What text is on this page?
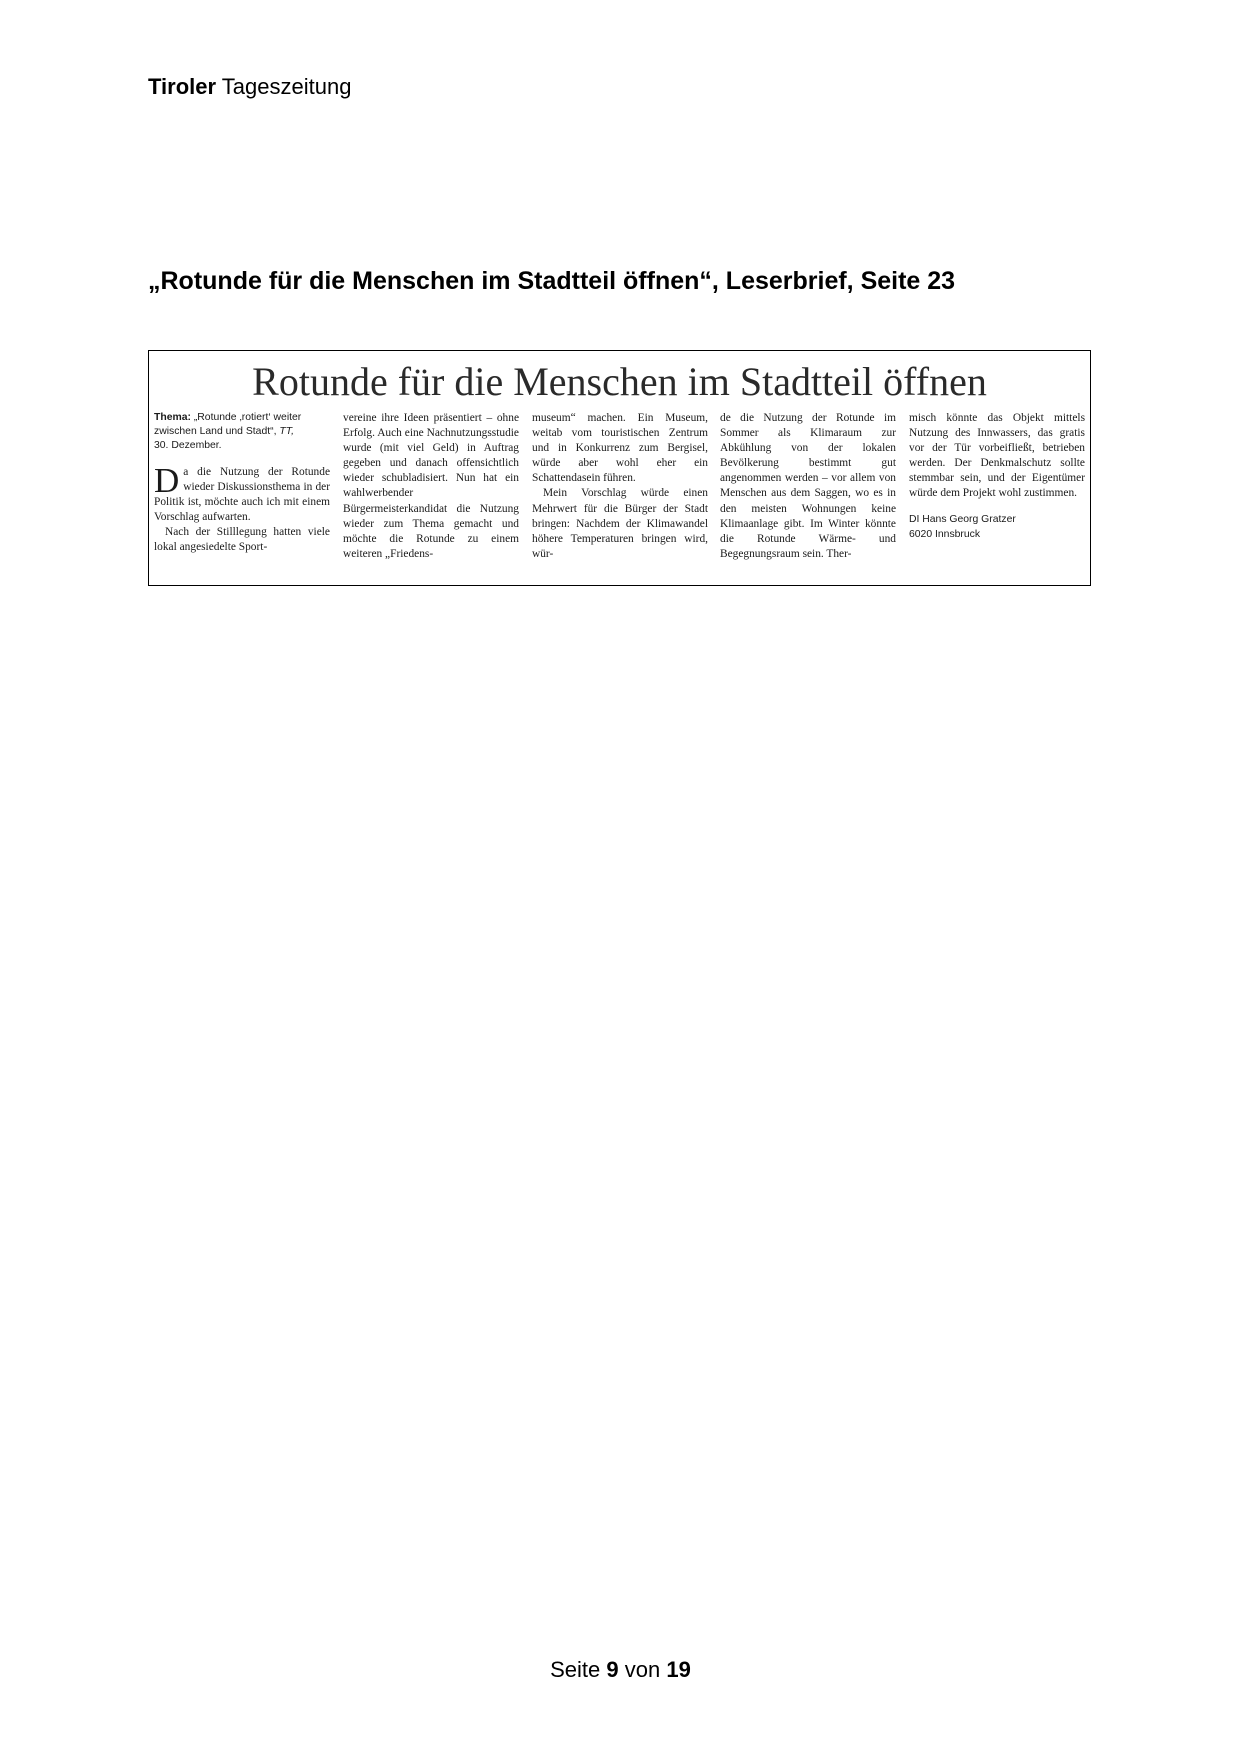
Tiroler Tageszeitung
„Rotunde für die Menschen im Stadtteil öffnen“, Leserbrief, Seite 23
Rotunde für die Menschen im Stadtteil öffnen

Thema: „Rotunde ‚rotiert‘ weiter zwischen Land und Stadt“, TT,
30. Dezember.

Da die Nutzung der Rotunde wieder Diskussionsthema in der Politik ist, möchte auch ich mit einem Vorschlag aufwarten.

Nach der Stilllegung hatten viele lokal angesiedelte Sport-

vereine ihre Ideen präsentiert – ohne Erfolg. Auch eine Nachnutzungsstudie wurde (mit viel Geld) in Auftrag gegeben und danach offensichtlich wieder schubladisiert. Nun hat ein wahlwerbender Bürgermeisterkandidat die Nutzung wieder zum Thema gemacht und möchte die Rotunde zu einem weiteren „Friedens-

museum“ machen. Ein Museum, weitab vom touristischen Zentrum und in Konkurrenz zum Bergisel, würde aber wohl eher ein Schattendasein führen.

Mein Vorschlag würde einen Mehrwert für die Bürger der Stadt bringen: Nachdem der Klimawandel höhere Temperaturen bringen wird, wür-

de die Nutzung der Rotunde im Sommer als Klimaraum zur Abkühlung von der lokalen Bevölkerung bestimmt gut angenommen werden – vor allem von Menschen aus dem Saggen, wo es in den meisten Wohnungen keine Klimaanlage gibt. Im Winter könnte die Rotunde Wärme- und Begegnungsraum sein. Ther-

misch könnte das Objekt mittels Nutzung des Innwassers, das gratis vor der Tür vorbeifließt, betrieben werden. Der Denkmalschutz sollte stemmbar sein, und der Eigentümer würde dem Projekt wohl zustimmen.

DI Hans Georg Gratzer

6020 Innsbruck

Seite 9 von 19
